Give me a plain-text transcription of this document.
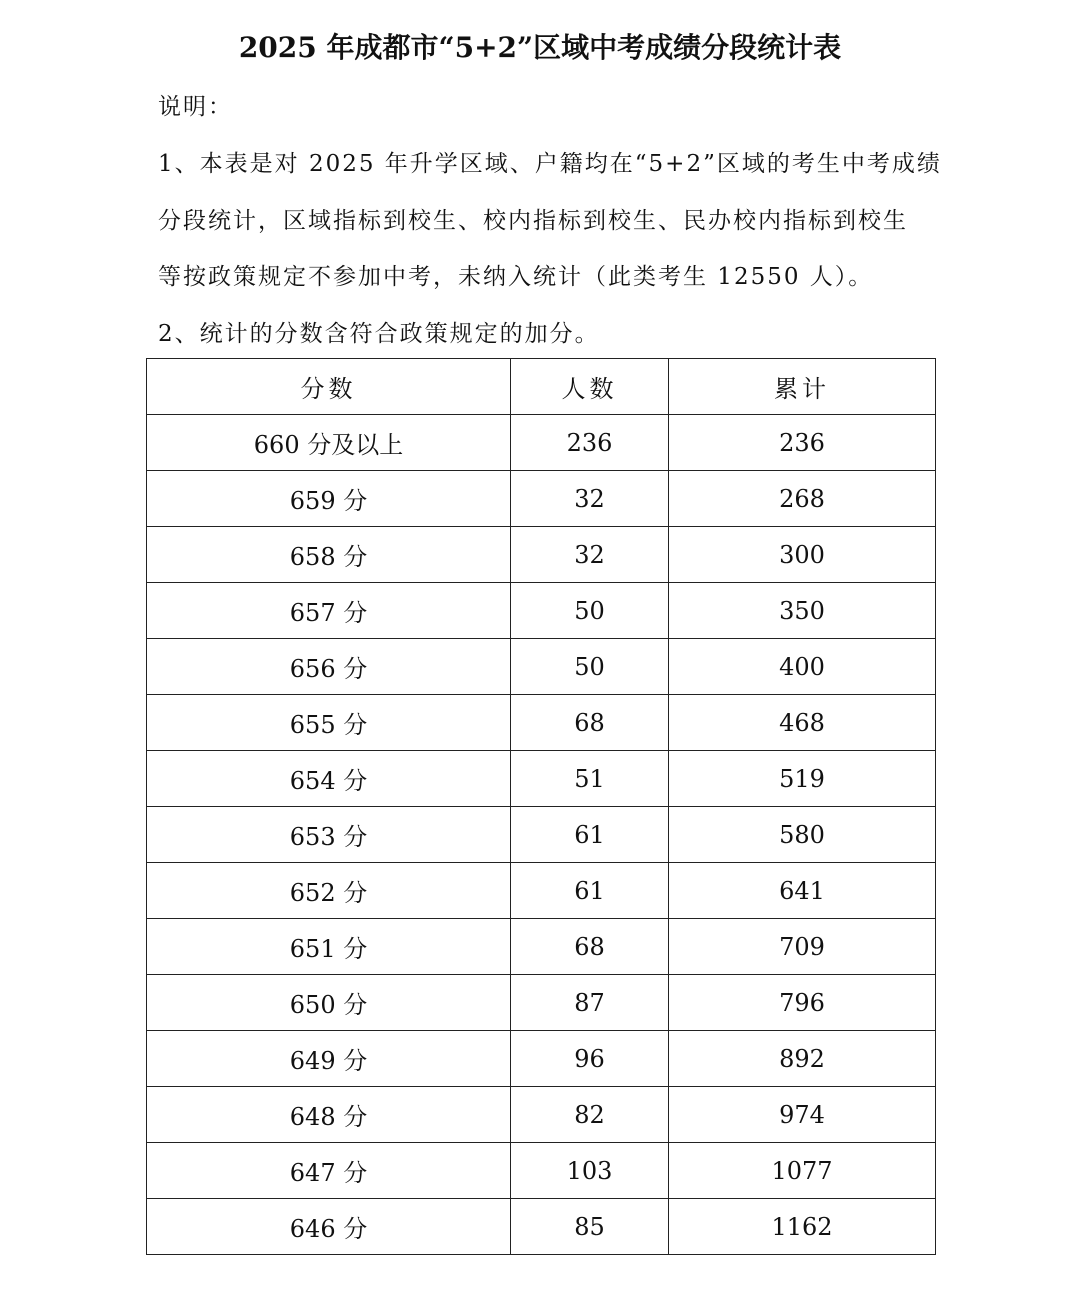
2025 年成都市“5+2”区域中考成绩分段统计表

说明：

1、本表是对 2025 年升学区域、户籍均在“5+2”区域的考生中考成绩

分段统计，区域指标到校生、校内指标到校生、民办校内指标到校生

等按政策规定不参加中考，未纳入统计（此类考生 12550 人）。

2、统计的分数含符合政策规定的加分。

分数	人数	累计
660 分及以上	236	236
659 分	32	268
658 分	32	300
657 分	50	350
656 分	50	400
655 分	68	468
654 分	51	519
653 分	61	580
652 分	61	641
651 分	68	709
650 分	87	796
649 分	96	892
648 分	82	974
647 分	103	1077
646 分	85	1162
